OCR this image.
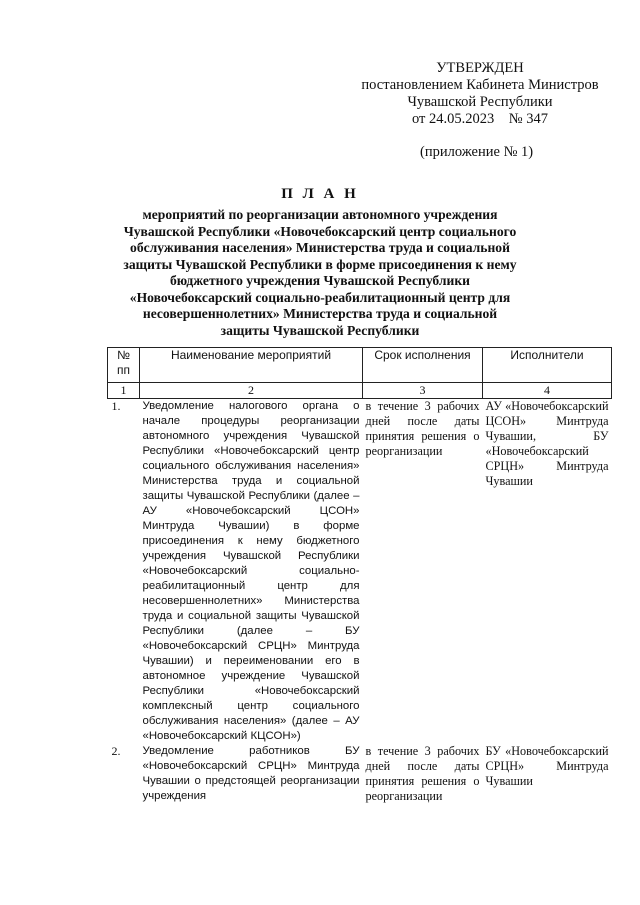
УТВЕРЖДЕН
постановлением Кабинета Министров
Чувашской Республики
от 24.05.2023    № 347
(приложение № 1)
П Л А Н
мероприятий по реорганизации автономного учреждения Чувашской Республики «Новочебоксарский центр социального обслуживания населения» Министерства труда и социальной защиты Чувашской Республики в форме присоединения к нему бюджетного учреждения Чувашской Республики «Новочебоксарский социально-реабилитационный центр для несовершеннолетних» Министерства труда и социальной защиты Чувашской Республики
№ пп	Наименование мероприятий	Срок исполнения	Исполнители
1	2	3	4
1.	Уведомление налогового органа о начале процедуры реорганизации автономного учреждения Чувашской Республики «Новочебоксарский центр социального обслуживания населения» Министерства труда и социальной защиты Чувашской Республики (далее – АУ «Новочебоксарский ЦСОН» Минтруда Чувашии) в форме присоединения к нему бюджетного учреждения Чувашской Республики «Новочебоксарский социально-реабилитационный центр для несовершеннолетних» Министерства труда и социальной защиты Чувашской Республики (далее – БУ «Новочебоксарский СРЦН» Минтруда Чувашии) и переименовании его в автономное учреждение Чувашской Республики «Новочебоксарский комплексный центр социального обслуживания населения» (далее – АУ «Новочебоксарский КЦСОН»)	в течение 3 рабочих дней после даты принятия решения о реорганизации	АУ «Новочебоксарский ЦСОН» Минтруда Чувашии, БУ «Новочебоксарский СРЦН» Минтруда Чувашии
2.	Уведомление работников БУ «Новочебоксарский СРЦН» Минтруда Чувашии о предстоящей реорганизации учреждения	в течение 3 рабочих дней после даты принятия решения о реорганизации	БУ «Новочебоксарский СРЦН» Минтруда Чувашии
